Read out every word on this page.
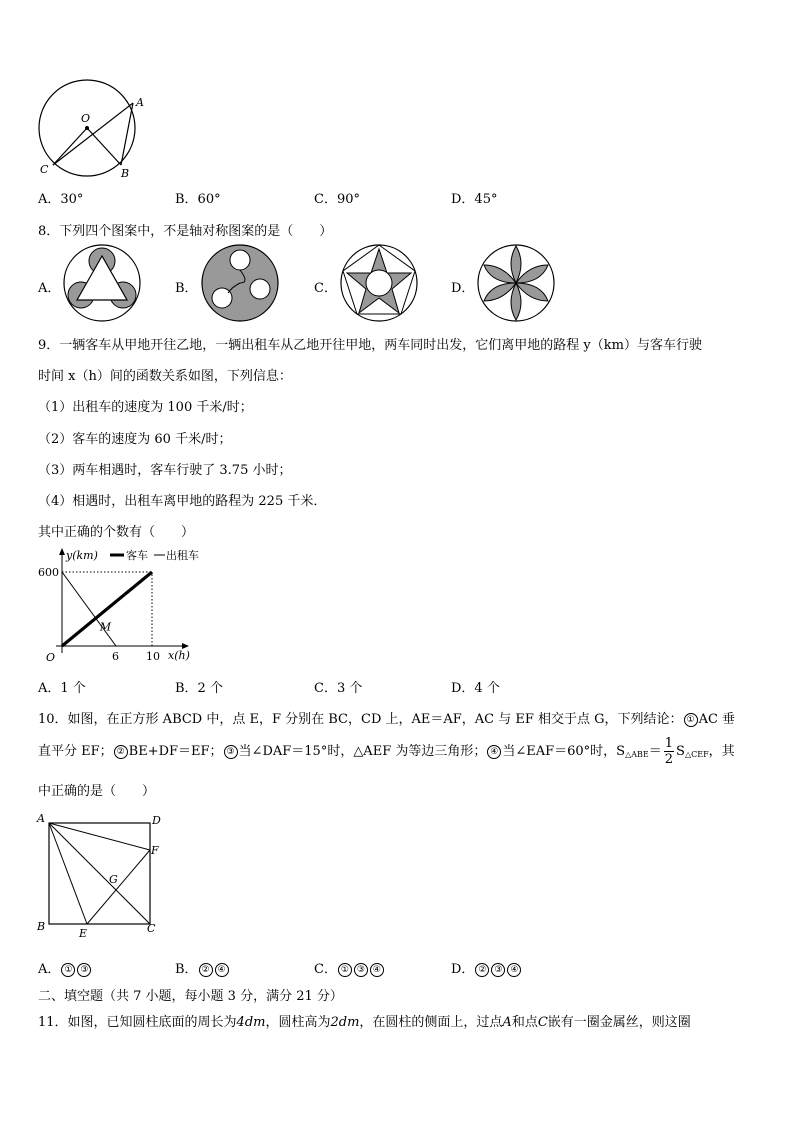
O
A
B
C
A．30°	B．60°	C．90°	D．45°
8．下列四个图案中，不是轴对称图案的是（　　）
A．	B．	C．	D．
9．一辆客车从甲地开往乙地，一辆出租车从乙地开往甲地，两车同时出发，它们离甲地的路程 y（km）与客车行驶
时间 x（h）间的函数关系如图，下列信息：
（1）出租车的速度为 100 千米/时；
（2）客车的速度为 60 千米/时；
（3）两车相遇时，客车行驶了 3.75 小时；
（4）相遇时，出租车离甲地的路程为 225 千米．
其中正确的个数有（　　）
y(km)	客车 出租车
M
600
6 10
O	x(h)
A．1 个	B．2 个	C．3 个	D．4 个
10．如图，在正方形 ABCD 中，点 E，F 分别在 BC，CD 上，AE＝AF，AC 与 EF 相交于点 G，下列结论： ① AC 垂
直平分 EF； ② BE+DF＝EF； ③ 当∠DAF＝15°时，△AEF 为等边三角形； ④ 当∠EAF＝60°时，$S_{\triangle ABE}= \frac{1}{2} S_{\triangle CEF}$，其
中正确的是（　　）
A	D
F
G
B
E	C
A． ① ③	B． ② ④	C． ① ③ ④	D． ② ③ ④
二、填空题（共 7 小题，每小题 3 分，满分 21 分）
11．如图，已知圆柱底面的周长为4dm，圆柱高为2dm，在圆柱的侧面上，过点A和点C嵌有一圈金属丝，则这圈
